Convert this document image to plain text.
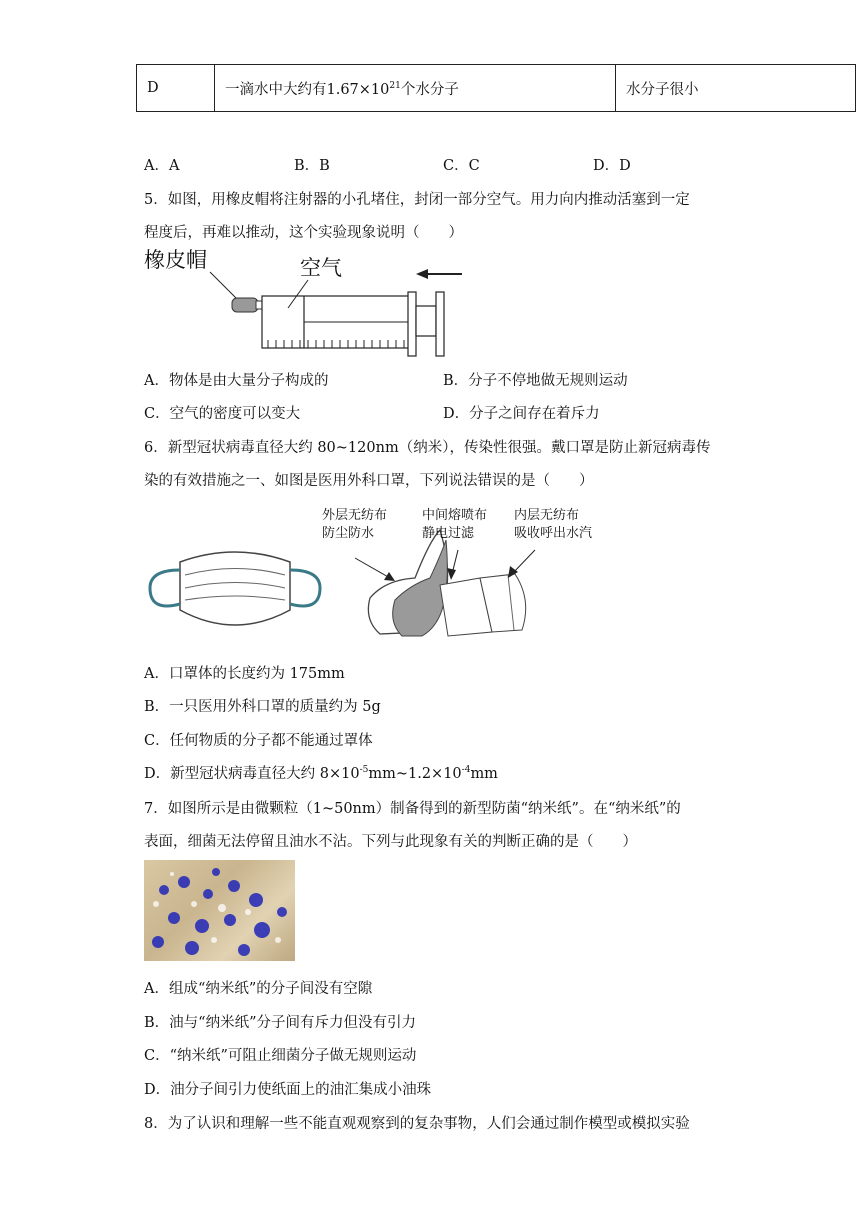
D	一滴水中大约有$1.67\times 10^{21}$个水分子	水分子很小
A．A	B．B	C．C	D．D
5．如图，用橡皮帽将注射器的小孔堵住，封闭一部分空气。用力向内推动活塞到一定
程度后，再难以推动，这个实验现象说明（　　）
橡皮帽	空气
A．物体是由大量分子构成的	B．分子不停地做无规则运动
C．空气的密度可以变大	D．分子之间存在着斥力
6．新型冠状病毒直径大约 80~120nm（纳米），传染性很强。戴口罩是防止新冠病毒传
染的有效措施之一、如图是医用外科口罩，下列说法错误的是（　　）
外层无纺布
防尘防水
中间熔喷布
静电过滤
内层无纺布
吸收呼出水汽
A．口罩体的长度约为 175mm
B．一只医用外科口罩的质量约为 5g
C．任何物质的分子都不能通过罩体
D．新型冠状病毒直径大约 $8\times 10^{-5}mm\sim 1.2\times 10^{-4}mm$
7．如图所示是由微颗粒（1~50nm）制备得到的新型防菌“纳米纸”。在“纳米纸”的
表面，细菌无法停留且油水不沾。下列与此现象有关的判断正确的是（　　）
A．组成“纳米纸”的分子间没有空隙
B．油与“纳米纸”分子间有斥力但没有引力
C．“纳米纸”可阻止细菌分子做无规则运动
D．油分子间引力使纸面上的油汇集成小油珠
8．为了认识和理解一些不能直观观察到的复杂事物，人们会通过制作模型或模拟实验
